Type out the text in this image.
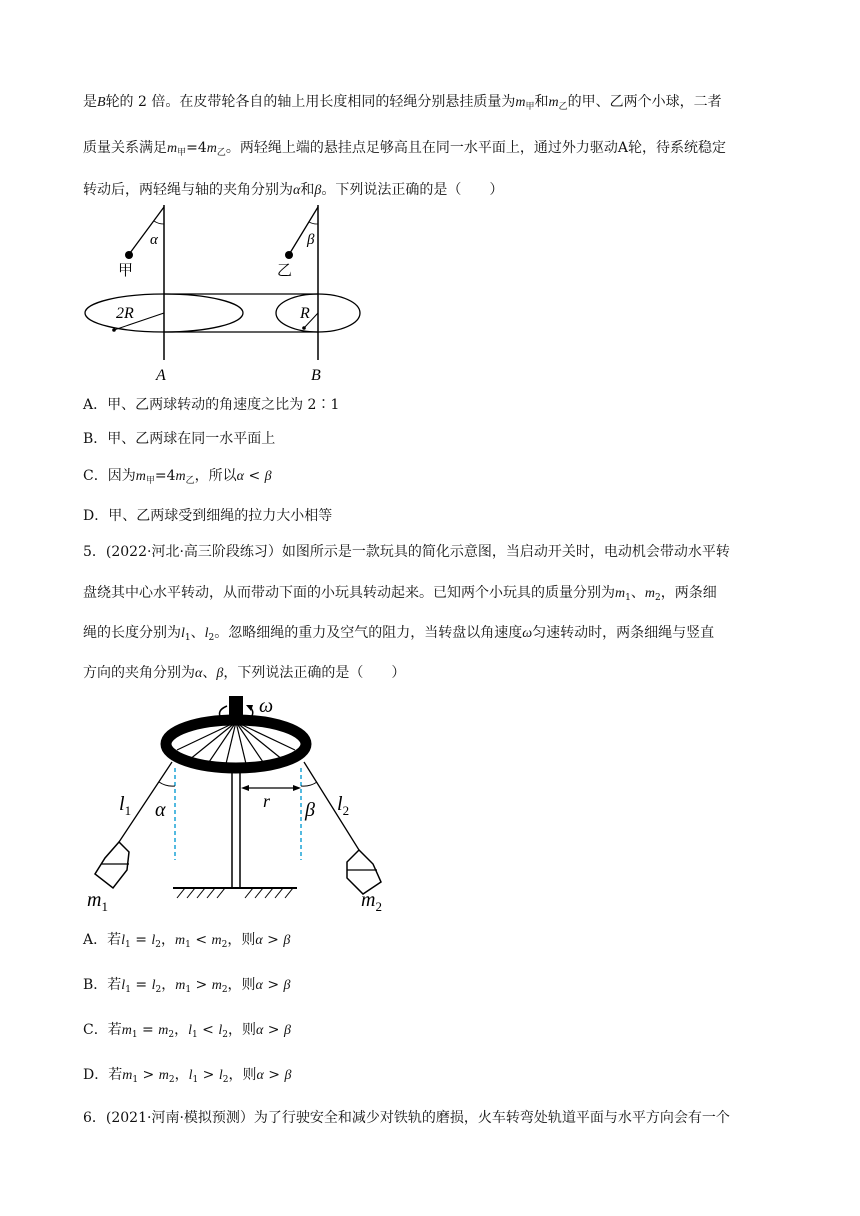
是B轮的 2 倍。在皮带轮各自的轴上用长度相同的轻绳分别悬挂质量为$m_甲$和$m_乙$的甲、乙两个小球，二者
质量关系满足$m_甲=4m_乙$。两轻绳上端的悬挂点足够高且在同一水平面上，通过外力驱动A轮，待系统稳定
转动后，两轻绳与轴的夹角分别为α和β。下列说法正确的是（　　）
α	β
甲	乙
2R	R
A	B
A．甲、乙两球转动的角速度之比为 2∶1
B．甲、乙两球在同一水平面上
C．因为$m_甲=4m_乙$，所以α < β
D．甲、乙两球受到细绳的拉力大小相等
5．(2022·河北·高三阶段练习）如图所示是一款玩具的简化示意图，当启动开关时，电动机会带动水平转
盘绕其中心水平转动，从而带动下面的小玩具转动起来。已知两个小玩具的质量分别为$m_1$、$m_2$，两条细
绳的长度分别为$l_1$、$l_2$。忽略细绳的重力及空气的阻力，当转盘以角速度ω匀速转动时，两条细绳与竖直
方向的夹角分别为α、β，下列说法正确的是（　　）
ω
r
α	β
$l_1$	$l_2$
$m_1$	$m_2$
A．若$l_1 = l_2$，$m_1 < m_2$，则α > β
B．若$l_1 = l_2$，$m_1 > m_2$，则α > β
C．若$m_1 = m_2$，$l_1 < l_2$，则α > β
D．若$m_1 > m_2$，$l_1 > l_2$，则α > β
6．(2021·河南·模拟预测）为了行驶安全和减少对铁轨的磨损，火车转弯处轨道平面与水平方向会有一个
